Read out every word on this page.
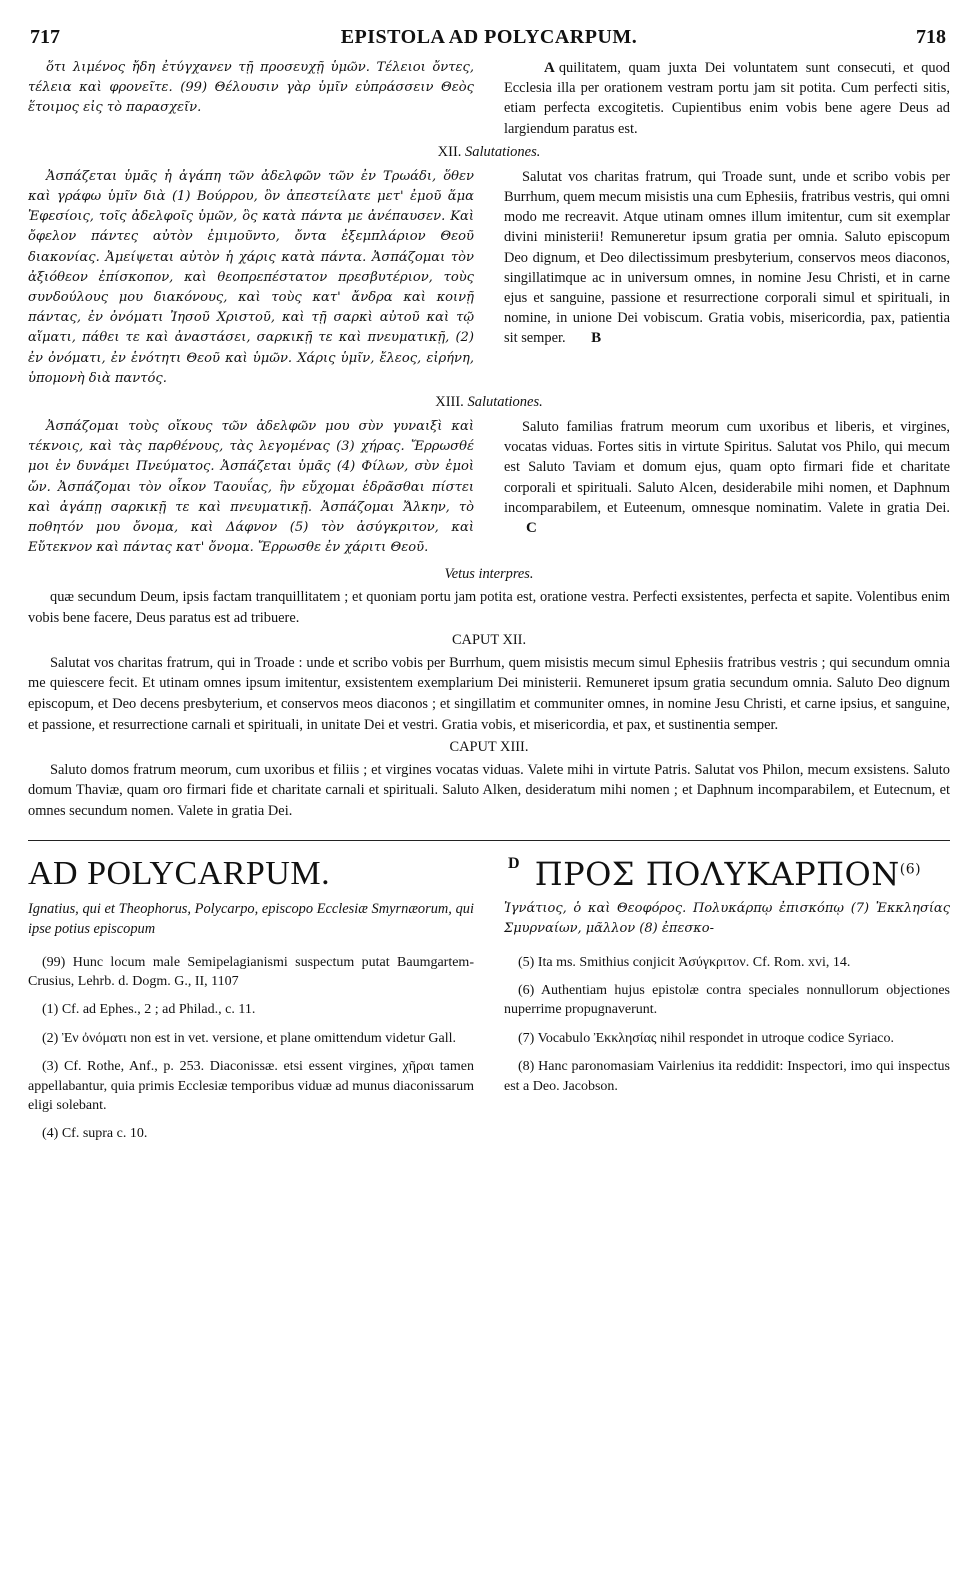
717	EPISTOLA AD POLYCARPUM.	718

ὅτι λιμένος ἤδη ἐτύγχανεν τῇ προσευχῇ ὑμῶν. Τέλειοι ὄντες, τέλεια καὶ φρονεῖτε. (99) Θέλουσιν γὰρ ὑμῖν εὐπράσσειν Θεὸς ἕτοιμος εἰς τὸ παρασχεῖν.

A quilitatem, quam juxta Dei voluntatem sunt consecuti, et quod Ecclesia illa per orationem vestram portu jam sit potita. Cum perfecti sitis, etiam perfecta excogitetis. Cupientibus enim vobis bene agere Deus ad largiendum paratus est.

XII. Salutationes.

Ἀσπάζεται ὑμᾶς ἡ ἀγάπη τῶν ἀδελφῶν τῶν ἐν Τρωάδι, ὅθεν καὶ γράφω ὑμῖν διὰ (1) Βούρρου, ὃν ἀπεστείλατε μετ' ἐμοῦ ἅμα Ἐφεσίοις, τοῖς ἀδελφοῖς ὑμῶν, ὃς κατὰ πάντα με ἀνέπαυσεν. Καὶ ὄφελον πάντες αὐτὸν ἐμιμοῦντο, ὄντα ἐξεμπλάριον Θεοῦ διακονίας. Ἀμείψεται αὐτὸν ἡ χάρις κατὰ πάντα. Ἀσπάζομαι τὸν ἀξιόθεον ἐπίσκοπον, καὶ θεοπρεπέστατον πρεσβυτέριον, τοὺς συνδούλους μου διακόνους, καὶ τοὺς κατ' ἄνδρα καὶ κοινῇ πάντας, ἐν ὀνόματι Ἰησοῦ Χριστοῦ, καὶ τῇ σαρκὶ αὐτοῦ καὶ τῷ αἵματι, πάθει τε καὶ ἀναστάσει, σαρκικῇ τε καὶ πνευματικῇ, (2) ἐν ὀνόματι, ἐν ἑνότητι Θεοῦ καὶ ὑμῶν. Χάρις ὑμῖν, ἔλεος, εἰρήνη, ὑπομονὴ διὰ παντός.

Salutat vos charitas fratrum, qui Troade sunt, unde et scribo vobis per Burrhum, quem mecum misistis una cum Ephesiis, fratribus vestris, qui omni modo me recreavit. Atque utinam omnes illum imitentur, cum sit exemplar divini ministerii! Remuneretur ipsum gratia per omnia. Saluto episcopum Deo dignum, et Deo dilectissimum presbyterium, conservos meos diaconos, singillatimque ac in universum omnes, in nomine Jesu Christi, et in carne ejus et sanguine, passione et resurrectione corporali simul et spirituali, in nomine, in unione Dei vobiscum. Gratia vobis, misericordia, pax, patientia sit semper. B

XIII. Salutationes.

Ἀσπάζομαι τοὺς οἴκους τῶν ἀδελφῶν μου σὺν γυναιξὶ καὶ τέκνοις, καὶ τὰς παρθένους, τὰς λεγομένας (3) χήρας. Ἔρρωσθέ μοι ἐν δυνάμει Πνεύματος. Ἀσπάζεται ὑμᾶς (4) Φίλων, σὺν ἐμοὶ ὤν. Ἀσπάζομαι τὸν οἶκον Ταουΐας, ἣν εὔχομαι ἑδρᾶσθαι πίστει καὶ ἀγάπῃ σαρκικῇ τε καὶ πνευματικῇ. Ἀσπάζομαι Ἄλκην, τὸ ποθητόν μου ὄνομα, καὶ Δάφνον (5) τὸν ἀσύγκριτον, καὶ Εὔτεκνον καὶ πάντας κατ' ὄνομα. Ἔρρωσθε ἐν χάριτι Θεοῦ.

Saluto familias fratrum meorum cum uxoribus et liberis, et virgines, vocatas viduas. Fortes sitis in virtute Spiritus. Salutat vos Philo, qui mecum est Saluto Taviam et domum ejus, quam opto firmari fide et charitate corporali et spirituali. Saluto Alcen, desiderabile mihi nomen, et Daphnum incomparabilem, et Euteenum, omnesque nominatim. Valete in gratia Dei. C

Vetus interpres.

quæ secundum Deum, ipsis factam tranquillitatem ; et quoniam portu jam potita est, oratione vestra. Perfecti exsistentes, perfecta et sapite. Volentibus enim vobis bene facere, Deus paratus est ad tribuere.

CAPUT XII.

Salutat vos charitas fratrum, qui in Troade : unde et scribo vobis per Burrhum, quem misistis mecum simul Ephesiis fratribus vestris ; qui secundum omnia me quiescere fecit. Et utinam omnes ipsum imitentur, exsistentem exemplarium Dei ministerii. Remuneret ipsum gratia secundum omnia. Saluto Deo dignum episcopum, et Deo decens presbyterium, et conservos meos diaconos ; et singillatim et communiter omnes, in nomine Jesu Christi, et carne ipsius, et sanguine, et passione, et resurrectione carnali et spirituali, in unitate Dei et vestri. Gratia vobis, et misericordia, et pax, et sustinentia semper.

CAPUT XIII.

Saluto domos fratrum meorum, cum uxoribus et filiis ; et virgines vocatas viduas. Valete mihi in virtute Patris. Salutat vos Philon, mecum exsistens. Saluto domum Thaviæ, quam oro firmari fide et charitate carnali et spirituali. Saluto Alken, desideratum mihi nomen ; et Daphnum incomparabilem, et Eutecnum, et omnes secundum nomen. Valete in gratia Dei.

AD POLYCARPUM.	D ΠΡΟΣ ΠΟΛΥΚΑΡΠΟΝ$^{(6)}$
Ignatius, qui et Theophorus, Polycarpo, episcopo Ecclesiæ Smyrnæorum, qui ipse potius episcopum
Ἰγνάτιος, ὁ καὶ Θεοφόρος. Πολυκάρπῳ ἐπισκόπῳ (7) Ἐκκλησίας Σμυρναίων, μᾶλλον (8) ἐπεσκο-

(99) Hunc locum male Semipelagianismi suspectum putat Baumgartem-Crusius, Lehrb. d. Dogm. G., II, 1107

(1) Cf. ad Ephes., 2 ; ad Philad., c. 11.

(2) Ἐν ὀνόματι non est in vet. versione, et plane omittendum videtur Gall.

(3) Cf. Rothe, Anf., p. 253. Diaconissæ. etsi essent virgines, χῆραι tamen appellabantur, quia primis Ecclesiæ temporibus viduæ ad munus diaconissarum eligi solebant.

(4) Cf. supra c. 10.

(5) Ita ms. Smithius conjicit Ἀσύγκριτον. Cf. Rom. xvi, 14.

(6) Authentiam hujus epistolæ contra speciales nonnullorum objectiones nuperrime propugnaverunt.

(7) Vocabulo Ἐκκλησίας nihil respondet in utroque codice Syriaco.

(8) Hanc paronomasiam Vairlenius ita reddidit: Inspectori, imo qui inspectus est a Deo. Jacobson.
